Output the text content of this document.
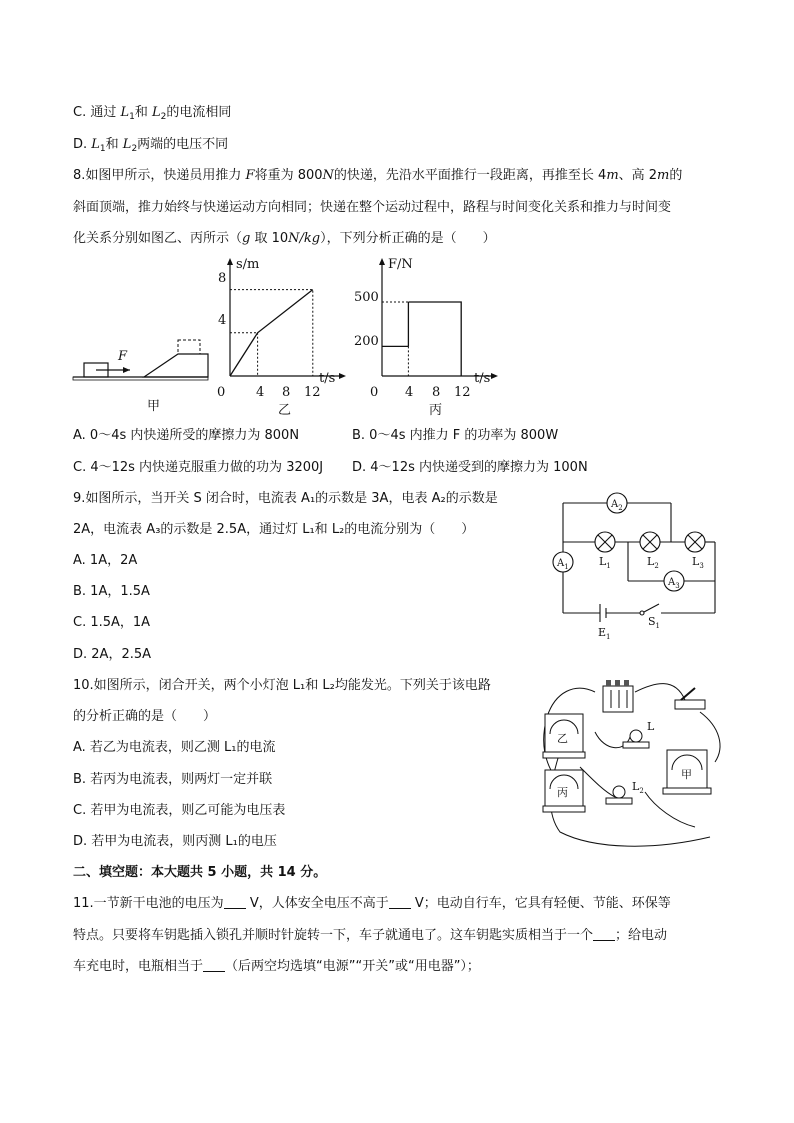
C. 通过 $L_1$和 $L_2$的电流相同
D. $L_1$和 $L_2$两端的电压不同
8.如图甲所示，快递员用推力 F将重为 800N的快递，先沿水平面推行一段距离，再推至长 4m、高 2m的
斜面顶端，推力始终与快递运动方向相同；快递在整个运动过程中，路程与时间变化关系和推力与时间变
化关系分别如图乙、丙所示（g 取 10N/kg），下列分析正确的是（　　）
F
甲
s/m
t/s
0 4 8 12
4
8
乙
F/N
t/s
0 4 8 12
200
500
丙
A. 0～4s 内快递所受的摩擦力为 800N	B. 0～4s 内推力 F 的功率为 800W
C. 4～12s 内快递克服重力做的功为 3200J D. 4～12s 内快递受到的摩擦力为 100N
9.如图所示，当开关 S 闭合时，电流表 A₁的示数是 3A，电表 A₂的示数是
2A，电流表 A₃的示数是 2.5A，通过灯 L₁和 L₂的电流分别为（　　）
A. 1A，2A
B. 1A，1.5A
C. 1.5A，1A
D. 2A，2.5A
$A_2$
$A_1$
$A_3$
$L_1$	$L_2$	$L_3$
$E_1$
$S_1$
10.如图所示，闭合开关，两个小灯泡 L₁和 L₂均能发光。下列关于该电路
的分析正确的是（　　）
A. 若乙为电流表，则乙测 L₁的电流
B. 若丙为电流表，则两灯一定并联
C. 若甲为电流表，则乙可能为电压表
D. 若甲为电流表，则丙测 L₁的电压
乙
L
甲
丙	$L_2$
二、填空题：本大题共 5 小题，共 14 分。
11.一节新干电池的电压为 V，人体安全电压不高于 V；电动自行车，它具有轻便、节能、环保等
特点。只要将车钥匙插入锁孔并顺时针旋转一下，车子就通电了。这车钥匙实质相当于一个 ；给电动
车充电时，电瓶相当于 （后两空均选填“电源”“开关”或“用电器”）；
